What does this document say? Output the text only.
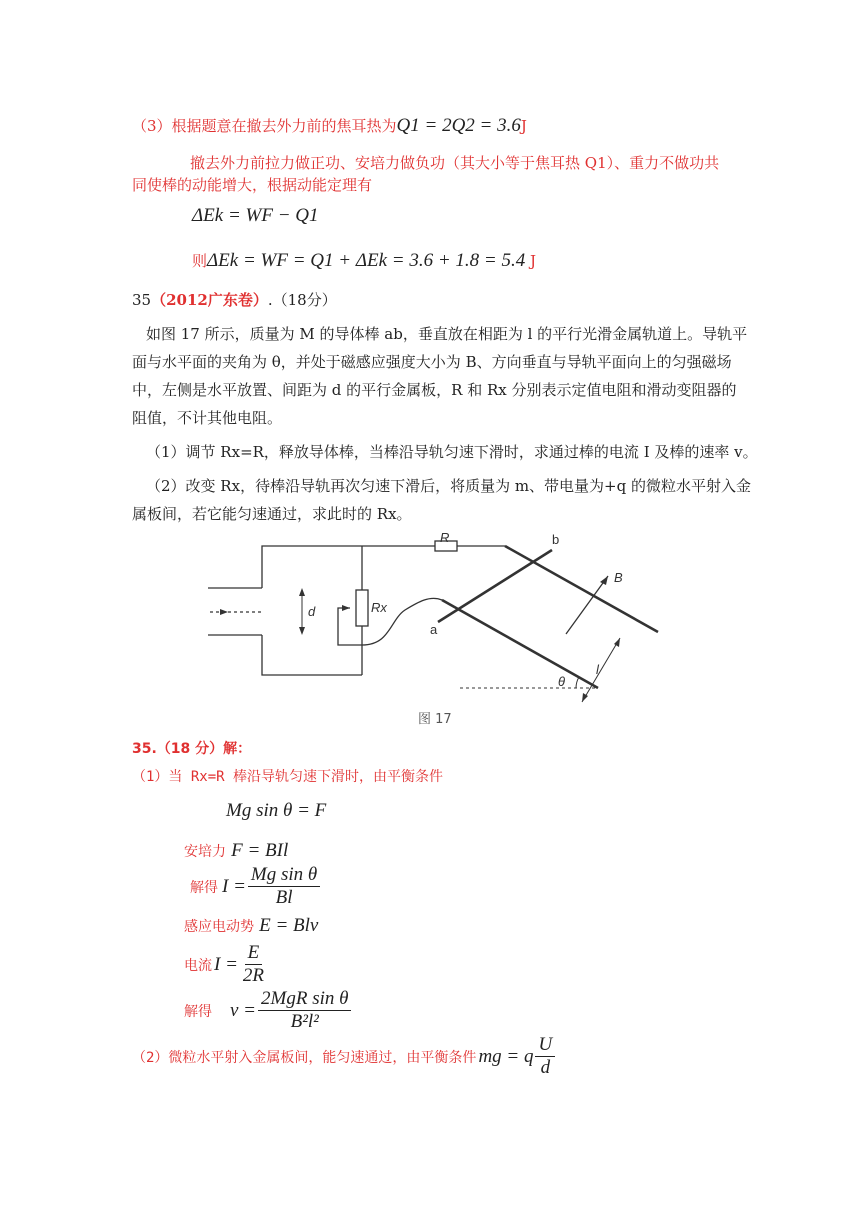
（3）根据题意在撤去外力前的焦耳热为Q1 = 2Q2 = 3.6J
撤去外力前拉力做正功、安培力做负功（其大小等于焦耳热 Q1）、重力不做功共
同使棒的动能增大，根据动能定理有
ΔEk = WF − Q1
则ΔEk = WF = Q1 + ΔEk = 3.6 + 1.8 = 5.4 J
35（2012广东卷）.（18分）
如图 17 所示，质量为 M 的导体棒 ab，垂直放在相距为 l 的平行光滑金属轨道上。导轨平
面与水平面的夹角为 θ，并处于磁感应强度大小为 B、方向垂直与导轨平面向上的匀强磁场
中，左侧是水平放置、间距为 d 的平行金属板，R 和 Rx 分别表示定值电阻和滑动变阻器的
阻值，不计其他电阻。
（1）调节 Rx=R，释放导体棒，当棒沿导轨匀速下滑时，求通过棒的电流 I 及棒的速率 v。
（2）改变 Rx，待棒沿导轨再次匀速下滑后，将质量为 m、带电量为+q 的微粒水平射入金
属板间，若它能匀速通过，求此时的 Rx。
R
Rx
d
a
b
B
l
θ
图 17
35.（18 分）解：
（1）当 Rx=R 棒沿导轨匀速下滑时，由平衡条件
Mg sin θ = F
安培力 F = BIl
解得 $I = \frac{\text{Mg sin θ}}{Bl}$
感应电动势 E = Blv
电流 $I = \frac{E}{2R}$
解得 $v = \frac{\text{2MgR sin θ}}{\text{B²l²}}$
（2）微粒水平射入金属板间，能匀速通过，由平衡条件 mg = q $\frac{U}{d}$
